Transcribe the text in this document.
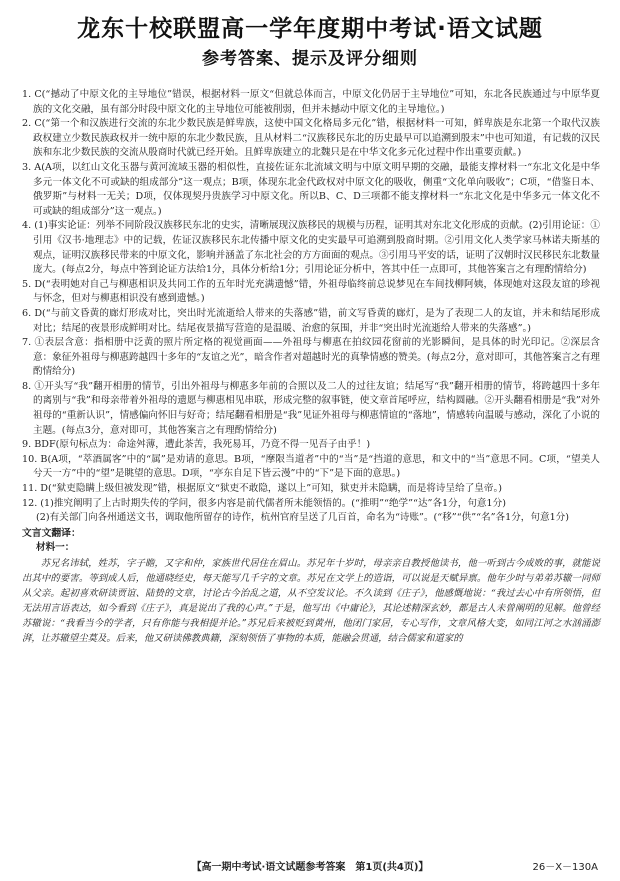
龙东十校联盟高一学年度期中考试·语文试题
参考答案、提示及评分细则
1. C(“撼动了中原文化的主导地位”错误，根据材料一原文“但就总体而言，中原文化仍居于主导地位”可知，东北各民族通过与中原华夏族的文化交融，虽有部分时段中原文化的主导地位可能被削弱，但并未撼动中原文化的主导地位。)
2. C(“第一个和汉族进行交流的东北少数民族是鲜卑族，这使中国文化格局多元化”错，根据材料一可知，鲜卑族是东北第一个取代汉族政权建立少数民族政权并一统中原的东北少数民族，且从材料二“汉族移民东北的历史最早可以追溯到殷末”中也可知道，有记载的汉民族和东北少数民族的交流从殷商时代就已经开始。且鲜卑族建立的北魏只是在中华文化多元化过程中作出重要贡献。)
3. A(A项，以红山文化玉器与黄河流域玉器的相似性，直接佐证东北流域文明与中原文明早期的交融，最能支撑材料一“东北文化是中华多元一体文化不可或缺的组成部分”这一观点；B项，体现东北金代政权对中原文化的吸收，侧重“文化单向吸收”；C项，“借鉴日本、俄罗斯”与材料一无关；D项，仅体现契丹贵族学习中原文化。所以B、C、D三项都不能支撑材料一“东北文化是中华多元一体文化不可或缺的组成部分”这一观点。)
4. (1)事实论证：列举不同阶段汉族移民东北的史实，清晰展现汉族移民的规模与历程，证明其对东北文化形成的贡献。(2)引用论证：①引用《汉书·地理志》中的记载，佐证汉族移民东北传播中原文化的史实最早可追溯到殷商时期。②引用文化人类学家马林诺夫斯基的观点，证明汉族移民带来的中原文化，影响并涵盖了东北社会的方方面面的观点。③引用马平安的话，证明了汉朝时汉民移民东北数量庞大。(每点2分，每点中答到论证方法给1分，具体分析给1分；引用论证分析中，答其中任一点即可，其他答案言之有理酌情给分)
5. D(“表明她对自己与柳惠相识及共同工作的五年时光充满遗憾”错，外祖母临终前总说梦见在车间找柳阿姨，体现她对这段友谊的珍视与怀念，但对与柳惠相识没有感到遗憾。)
6. D(“与前文昏黄的廊灯形成对比，突出时光流逝给人带来的失落感”错，前文写昏黄的廊灯，是为了表现二人的友谊，并未和结尾形成对比；结尾的夜景形成鲜明对比。结尾夜景描写营造的是温暖、治愈的氛围，并非“突出时光流逝给人带来的失落感”。)
7. ①表层含意：指相册中泛黄的照片所定格的视觉画面——外祖母与柳惠在拍纹园花窗前的光影瞬间，是具体的时光印记。②深层含意：象征外祖母与柳惠跨越四十多年的“友谊之光”，暗含作者对超越时光的真挚情感的赞美。(每点2分，意对即可，其他答案言之有理酌情给分)
8. ①开头写“我”翻开相册的情节，引出外祖母与柳惠多年前的合照以及二人的过往友谊；结尾写“我”翻开相册的情节，将跨越四十多年的离别与“我”和母亲带着外祖母的遗愿与柳惠相见串联，形成完整的叙事链，使文章首尾呼应，结构圆融。②开头翻看相册是“我”对外祖母的“重新认识”，情感偏向怀旧与好奇；结尾翻看相册是“我”见证外祖母与柳惠情谊的“落地”，情感转向温暖与感动，深化了小说的主题。(每点3分，意对即可，其他答案言之有理酌情给分)
9. BDF(原句标点为：命途舛薄，遭此茶苦，我死易耳，乃竟不得一见吾子由乎！)
10. B(A项，“萃酒属客”中的“属”是劝请的意思。B项，“摩限当道者”中的“当”是“挡道的意思，和文中的“当”意思不同。C项，“望美人兮天一方”中的“望”是眺望的意思。D项，“亭东自足下皆云漫”中的“下”是下面的意思。)
11. D(“狱吏隐瞒上级但被发现”错，根据原文“狱吏不敢隐，遂以上”可知，狱吏并未隐瞒，而是将诗呈给了皇帝。)
12. (1)推究阐明了上古时期失传的学问，很多内容是前代儒者所未能领悟的。(“推明”“绝学”“达”各1分，句意1分)
(2)有关部门向各州通送文书，调取他所留存的诗作，杭州官府呈送了几百首，命名为“诗账”。(“移”“供”“名”各1分，句意1分)
文言文翻译：
材料一：
苏兄名讳轼，姓苏，字子瞻，又字和仲，家族世代居住在眉山。苏兄年十岁时，母亲亲自教授他读书，他一听到古今成败的事，就能说出其中的要害。等到成人后，他通晓经史，每天能写几千字的文章。苏兄在文学上的造诣，可以说是天赋异禀。他年少时与弟弟苏辙一同师从父亲。起初喜欢研读贾谊、陆贽的文章，讨论古今治乱之道，从不空发议论。不久读到《庄子》，他感慨地说：“我过去心中有所领悟，但无法用言语表达，如今看到《庄子》，真是说出了我的心声。”于是，他写出《中庸论》，其论述精深玄妙，都是古人未曾阐明的见解。他曾经苏辙说：“我看当今的学者，只有你能与我相提并论。”苏兄后来被贬到黄州，他闭门家居，专心写作，文章风格大变，如同江河之水汹涌澎湃，让苏辙望尘莫及。后来，他又研读佛教典籍，深刻领悟了事物的本质，能融会贯通，结合儒家和道家的
【高一期中考试·语文试题参考答案　第1页(共4页)】	26－X－130A
